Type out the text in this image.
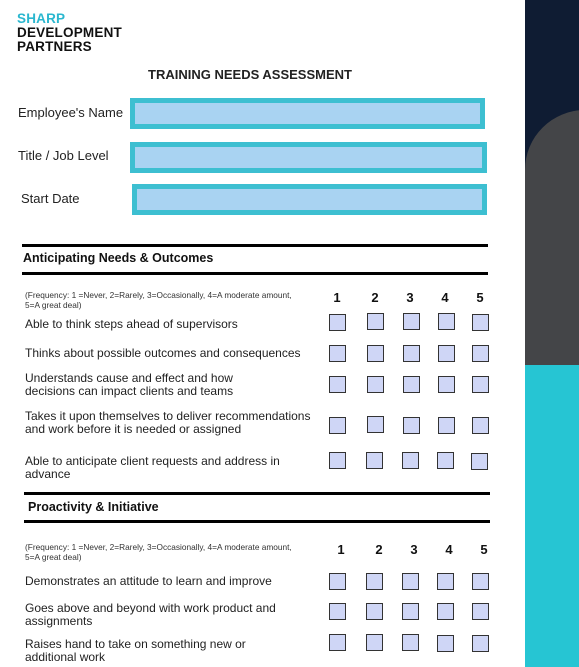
SHARP
DEVELOPMENT
PARTNERS
TRAINING NEEDS ASSESSMENT
Employee's Name
Title / Job Level
Start Date
Anticipating Needs & Outcomes
(Frequency: 1 =Never, 2=Rarely, 3=Occasionally, 4=A moderate amount, 5=A great deal)	1	2	3	4	5
Able to think steps ahead of supervisors
Thinks about possible outcomes and consequences
Understands cause and effect and how decisions can impact clients and teams
Takes it upon themselves to deliver recommendations and work before it is needed or assigned
Able to anticipate client requests and address in advance
Proactivity & Initiative
(Frequency: 1 =Never, 2=Rarely, 3=Occasionally, 4=A moderate amount, 5=A great deal)	1	2	3	4	5
Demonstrates an attitude to learn and improve
Goes above and beyond with work product and assignments
Raises hand to take on something new or additional work
